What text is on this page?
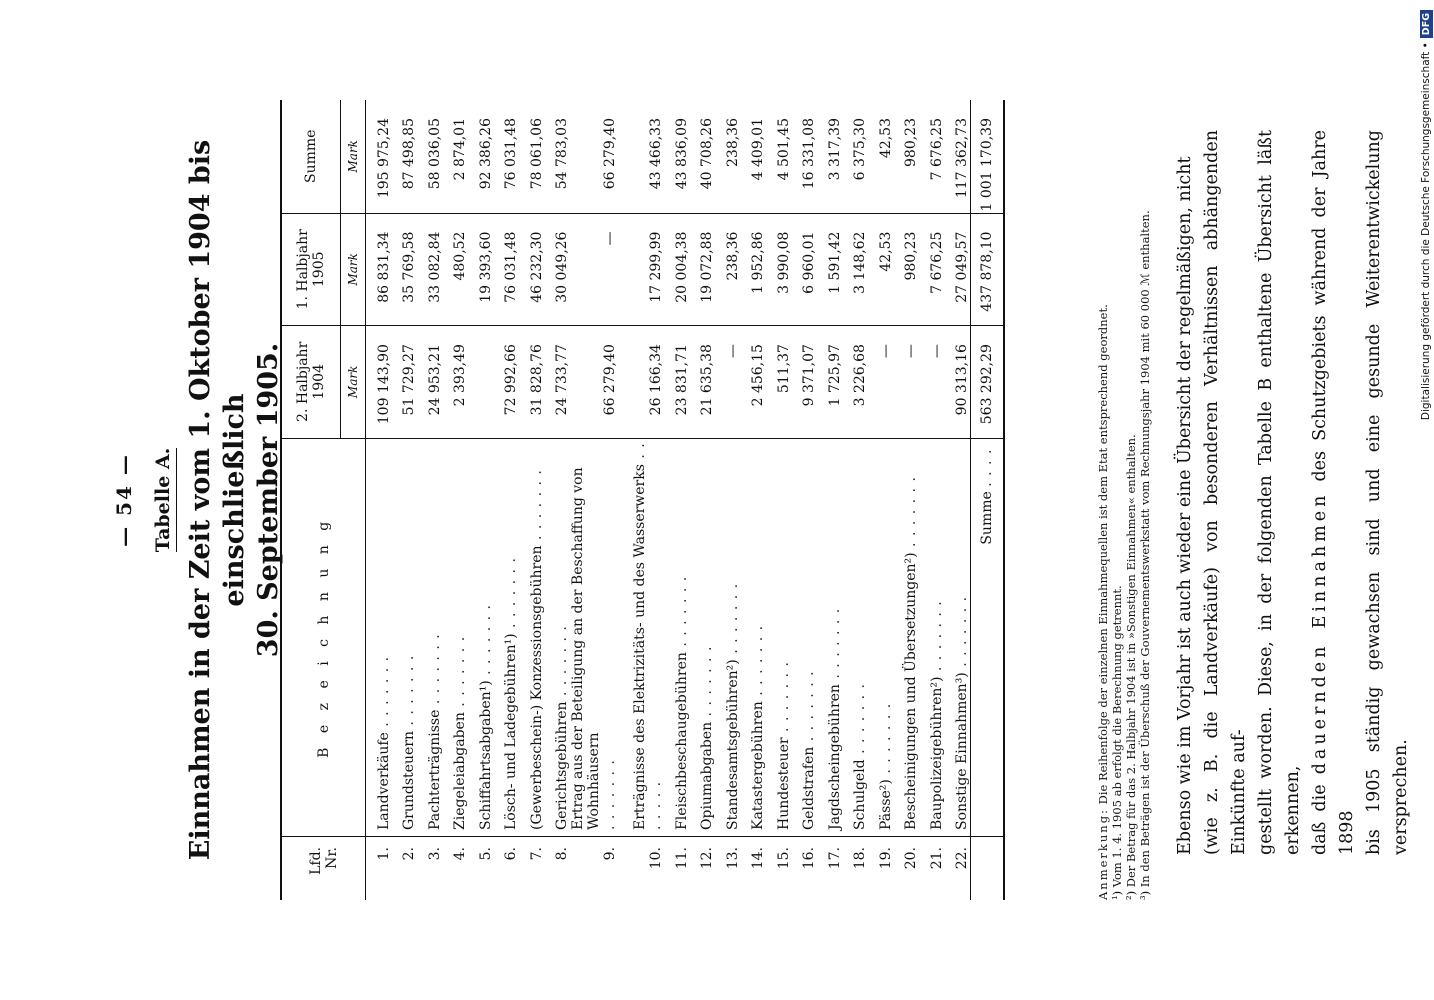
— 54 — Tabelle A. Einnahmen in der Zeit vom 1. Oktober 1904 bis einschließlich 30. September 1905.
Lfd. Nr.	B e z e i c h n u n g	2. Halbjahr 1904	1. Halbjahr 1905	Summe
		Mark	Mark	Mark
1.	Landverkäufe . . . . . . .	109 143,90	86 831,34	195 975,24
2.	Grundsteuern . . . . . . .	51 729,27	35 769,58	87 498,85
3.	Pachterträgnisse . . . . . . .	24 953,21	33 082,84	58 036,05
4.	Ziegeleiabgaben . . . . . . .	2 393,49	480,52	2 874,01
5.	Schiffahrtsabgaben¹) . . . . . . .		19 393,60	92 386,26
6.	Lösch- und Ladegebühren¹) . . . . . . .	72 992,66	76 031,48	76 031,48
7.	(Gewerbeschein-) Konzessionsgebühren . . . . . . .	31 828,76	46 232,30	78 061,06
8.	Gerichtsgebühren . . . . . . .	24 733,77	30 049,26	54 783,03
9.	Ertrag aus der Beteiligung an der Beschaffung von Wohnhäusern . . . . . . .	66 279,40	—	66 279,40
10.	Erträgnisse des Elektrizitäts- und des Wasserwerks . . . . . . .	26 166,34	17 299,99	43 466,33
11.	Fleischbeschaugebühren . . . . . . .	23 831,71	20 004,38	43 836,09
12.	Opiumabgaben . . . . . . .	21 635,38	19 072,88	40 708,26
13.	Standesamtsgebühren²) . . . . . . .	—	238,36	238,36
14.	Katastergebühren . . . . . . .	2 456,15	1 952,86	4 409,01
15.	Hundesteuer . . . . . . .	511,37	3 990,08	4 501,45
16.	Geldstrafen . . . . . . .	9 371,07	6 960,01	16 331,08
17.	Jagdscheingebühren . . . . . . .	1 725,97	1 591,42	3 317,39
18.	Schulgeld . . . . . . .	3 226,68	3 148,62	6 375,30
19.	Pässe²) . . . . . . .	—	42,53	42,53
20.	Bescheinigungen und Übersetzungen²) . . . . . . .	—	980,23	980,23
21.	Baupolizeigebühren²) . . . . . . .	—	7 676,25	7 676,25
22.	Sonstige Einnahmen³) . . . . . . .	90 313,16	27 049,57	117 362,73
	Summe . . . .	563 292,29	437 878,10	1 001 170,39
Anmerkung: Die Reihenfolge der einzelnen Einnahmequellen ist dem Etat entsprechend geordnet. ¹) Vom 1. 4. 1905 ab erfolgt die Berechnung getrennt. ²) Der Betrag für das 2. Halbjahr 1904 ist in »Sonstigen Einnahmen« enthalten. ³) In den Beträgen ist der Überschuß der Gouvernementswerkstatt vom Rechnungsjahr 1904 mit 60 000 ℳ enthalten. Ebenso wie im Vorjahr ist auch wieder eine Übersicht der regelmäßigen, nicht (wie z. B. die Landverkäufe) von besonderen Verhältnissen abhängenden Einkünfte auf- gestellt worden. Diese, in der folgenden Tabelle B enthaltene Übersicht läßt erkennen, daß die dauernden Einnahmen des Schutzgebiets während der Jahre 1898 bis 1905 ständig gewachsen sind und eine gesunde Weiterentwickelung versprechen.
Digitalisierung gefördert durch die Deutsche Forschungsgemeinschaft •DFG
